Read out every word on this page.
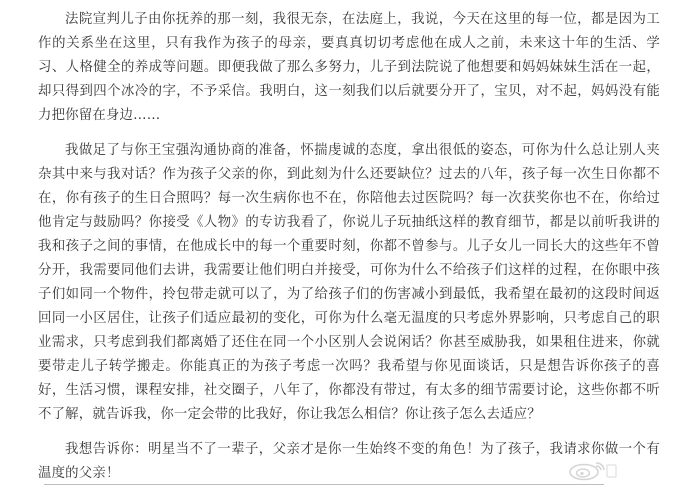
法院宣判儿子由你抚养的那一刻，我很无奈，在法庭上，我说，今天在这里的每一位，都是因为工作的关系坐在这里，只有我作为孩子的母亲，要真真切切考虑他在成人之前，未来这十年的生活、学习、人格健全的养成等问题。即便我做了那么多努力，儿子到法院说了他想要和妈妈妹妹生活在一起，却只得到四个冰冷的字，不予采信。我明白，这一刻我们以后就要分开了，宝贝，对不起，妈妈没有能力把你留在身边……

我做足了与你王宝强沟通协商的准备，怀揣虔诚的态度，拿出很低的姿态，可你为什么总让别人夹杂其中来与我对话？作为孩子父亲的你，到此刻为什么还要缺位？过去的八年，孩子每一次生日你都不在，你有孩子的生日合照吗？每一次生病你也不在，你陪他去过医院吗？每一次获奖你也不在，你给过他肯定与鼓励吗？你接受《人物》的专访我看了，你说儿子玩抽纸这样的教育细节，都是以前听我讲的我和孩子之间的事情，在他成长中的每一个重要时刻，你都不曾参与。儿子女儿一同长大的这些年不曾分开，我需要同他们去讲，我需要让他们明白并接受，可你为什么不给孩子们这样的过程，在你眼中孩子们如同一个物件，拎包带走就可以了，为了给孩子们的伤害减小到最低，我希望在最初的这段时间返回同一小区居住，让孩子们适应最初的变化，可你为什么毫无温度的只考虑外界影响，只考虑自己的职业需求，只考虑到我们都离婚了还住在同一个小区别人会说闲话？你甚至威胁我，如果租住进来，你就要带走儿子转学搬走。你能真正的为孩子考虑一次吗？我希望与你见面谈话，只是想告诉你孩子的喜好，生活习惯，课程安排，社交圈子，八年了，你都没有带过，有太多的细节需要讨论，这些你都不听不了解，就告诉我，你一定会带的比我好，你让我怎么相信？你让孩子怎么去适应？

我想告诉你：明星当不了一辈子，父亲才是你一生始终不变的角色！为了孩子，我请求你做一个有温度的父亲！
